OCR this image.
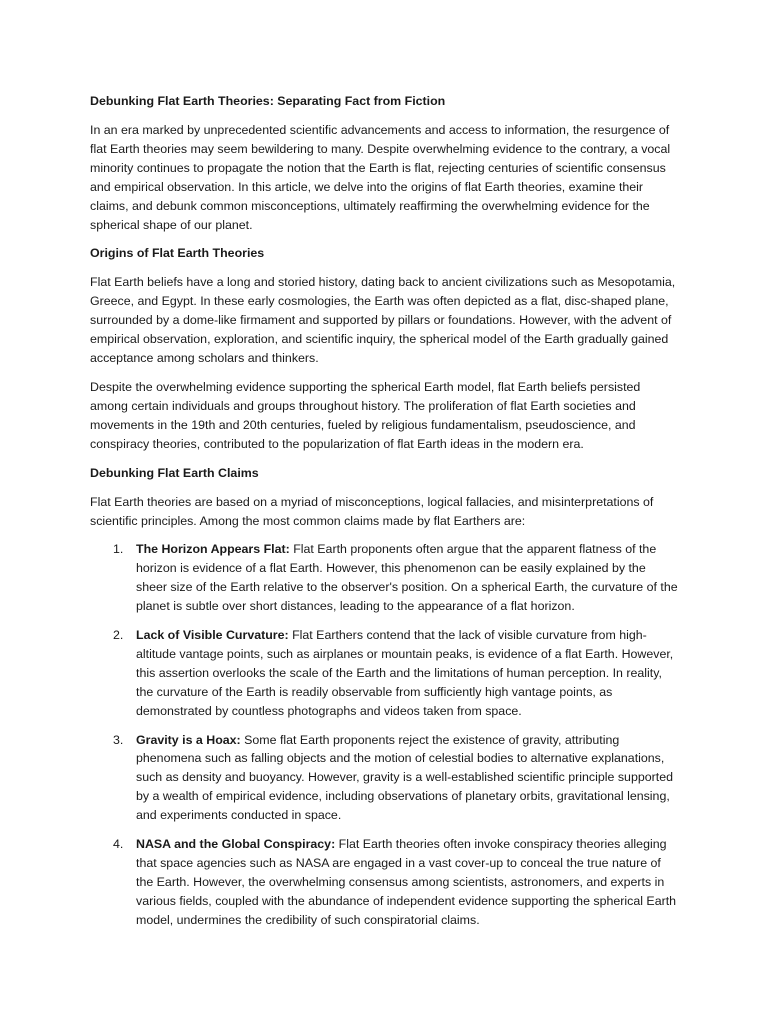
Debunking Flat Earth Theories: Separating Fact from Fiction

In an era marked by unprecedented scientific advancements and access to information, the resurgence of flat Earth theories may seem bewildering to many. Despite overwhelming evidence to the contrary, a vocal minority continues to propagate the notion that the Earth is flat, rejecting centuries of scientific consensus and empirical observation. In this article, we delve into the origins of flat Earth theories, examine their claims, and debunk common misconceptions, ultimately reaffirming the overwhelming evidence for the spherical shape of our planet.

Origins of Flat Earth Theories

Flat Earth beliefs have a long and storied history, dating back to ancient civilizations such as Mesopotamia, Greece, and Egypt. In these early cosmologies, the Earth was often depicted as a flat, disc-shaped plane, surrounded by a dome-like firmament and supported by pillars or foundations. However, with the advent of empirical observation, exploration, and scientific inquiry, the spherical model of the Earth gradually gained acceptance among scholars and thinkers.

Despite the overwhelming evidence supporting the spherical Earth model, flat Earth beliefs persisted among certain individuals and groups throughout history. The proliferation of flat Earth societies and movements in the 19th and 20th centuries, fueled by religious fundamentalism, pseudoscience, and conspiracy theories, contributed to the popularization of flat Earth ideas in the modern era.

Debunking Flat Earth Claims

Flat Earth theories are based on a myriad of misconceptions, logical fallacies, and misinterpretations of scientific principles. Among the most common claims made by flat Earthers are:

1. The Horizon Appears Flat: Flat Earth proponents often argue that the apparent flatness of the horizon is evidence of a flat Earth. However, this phenomenon can be easily explained by the sheer size of the Earth relative to the observer's position. On a spherical Earth, the curvature of the planet is subtle over short distances, leading to the appearance of a flat horizon.
2. Lack of Visible Curvature: Flat Earthers contend that the lack of visible curvature from high-altitude vantage points, such as airplanes or mountain peaks, is evidence of a flat Earth. However, this assertion overlooks the scale of the Earth and the limitations of human perception. In reality, the curvature of the Earth is readily observable from sufficiently high vantage points, as demonstrated by countless photographs and videos taken from space.
3. Gravity is a Hoax: Some flat Earth proponents reject the existence of gravity, attributing phenomena such as falling objects and the motion of celestial bodies to alternative explanations, such as density and buoyancy. However, gravity is a well-established scientific principle supported by a wealth of empirical evidence, including observations of planetary orbits, gravitational lensing, and experiments conducted in space.
4. NASA and the Global Conspiracy: Flat Earth theories often invoke conspiracy theories alleging that space agencies such as NASA are engaged in a vast cover-up to conceal the true nature of the Earth. However, the overwhelming consensus among scientists, astronomers, and experts in various fields, coupled with the abundance of independent evidence supporting the spherical Earth model, undermines the credibility of such conspiratorial claims.
